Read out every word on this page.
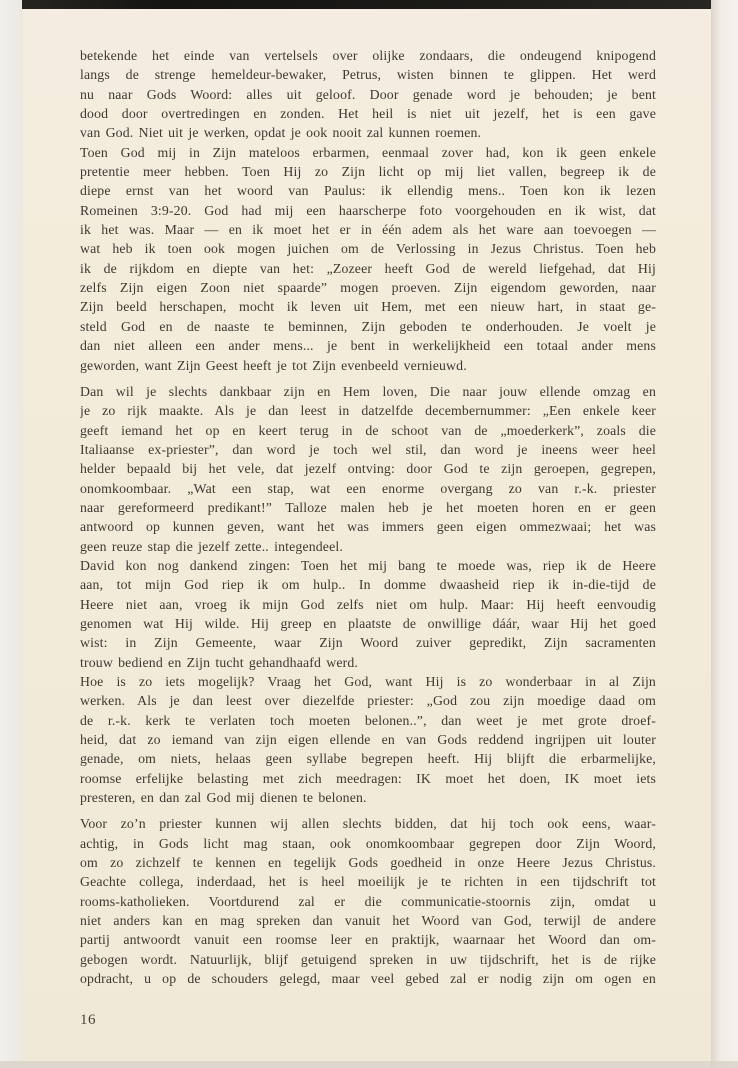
betekende het einde van vertelsels over olijke zondaars, die ondeugend knipogend
langs de strenge hemeldeur-bewaker, Petrus, wisten binnen te glippen. Het werd
nu naar Gods Woord: alles uit geloof. Door genade word je behouden; je bent
dood door overtredingen en zonden. Het heil is niet uit jezelf, het is een gave
van God. Niet uit je werken, opdat je ook nooit zal kunnen roemen.
Toen God mij in Zijn mateloos erbarmen, eenmaal zover had, kon ik geen enkele
pretentie meer hebben. Toen Hij zo Zijn licht op mij liet vallen, begreep ik de
diepe ernst van het woord van Paulus: ik ellendig mens.. Toen kon ik lezen
Romeinen 3:9-20. God had mij een haarscherpe foto voorgehouden en ik wist, dat
ik het was. Maar — en ik moet het er in één adem als het ware aan toevoegen —
wat heb ik toen ook mogen juichen om de Verlossing in Jezus Christus. Toen heb
ik de rijkdom en diepte van het: „Zozeer heeft God de wereld liefgehad, dat Hij
zelfs Zijn eigen Zoon niet spaarde” mogen proeven. Zijn eigendom geworden, naar
Zijn beeld herschapen, mocht ik leven uit Hem, met een nieuw hart, in staat ge-
steld God en de naaste te beminnen, Zijn geboden te onderhouden. Je voelt je
dan niet alleen een ander mens... je bent in werkelijkheid een totaal ander mens
geworden, want Zijn Geest heeft je tot Zijn evenbeeld vernieuwd.
Dan wil je slechts dankbaar zijn en Hem loven, Die naar jouw ellende omzag en
je zo rijk maakte. Als je dan leest in datzelfde decembernummer: „Een enkele keer
geeft iemand het op en keert terug in de schoot van de „moederkerk”, zoals die
Italiaanse ex-priester”, dan word je toch wel stil, dan word je ineens weer heel
helder bepaald bij het vele, dat jezelf ontving: door God te zijn geroepen, gegrepen,
onomkoombaar. „Wat een stap, wat een enorme overgang zo van r.-k. priester
naar gereformeerd predikant!” Talloze malen heb je het moeten horen en er geen
antwoord op kunnen geven, want het was immers geen eigen ommezwaai; het was
geen reuze stap die jezelf zette.. integendeel.
David kon nog dankend zingen: Toen het mij bang te moede was, riep ik de Heere
aan, tot mijn God riep ik om hulp.. In domme dwaasheid riep ik in-die-tijd de
Heere niet aan, vroeg ik mijn God zelfs niet om hulp. Maar: Hij heeft eenvoudig
genomen wat Hij wilde. Hij greep en plaatste de onwillige dáár, waar Hij het goed
wist: in Zijn Gemeente, waar Zijn Woord zuiver gepredikt, Zijn sacramenten
trouw bediend en Zijn tucht gehandhaafd werd.
Hoe is zo iets mogelijk? Vraag het God, want Hij is zo wonderbaar in al Zijn
werken. Als je dan leest over diezelfde priester: „God zou zijn moedige daad om
de r.-k. kerk te verlaten toch moeten belonen..”, dan weet je met grote droef-
heid, dat zo iemand van zijn eigen ellende en van Gods reddend ingrijpen uit louter
genade, om niets, helaas geen syllabe begrepen heeft. Hij blijft die erbarmelijke,
roomse erfelijke belasting met zich meedragen: IK moet het doen, IK moet iets
presteren, en dan zal God mij dienen te belonen.
Voor zo’n priester kunnen wij allen slechts bidden, dat hij toch ook eens, waar-
achtig, in Gods licht mag staan, ook onomkoombaar gegrepen door Zijn Woord,
om zo zichzelf te kennen en tegelijk Gods goedheid in onze Heere Jezus Christus.
Geachte collega, inderdaad, het is heel moeilijk je te richten in een tijdschrift tot
rooms-katholieken. Voortdurend zal er die communicatie-stoornis zijn, omdat u
niet anders kan en mag spreken dan vanuit het Woord van God, terwijl de andere
partij antwoordt vanuit een roomse leer en praktijk, waarnaar het Woord dan om-
gebogen wordt. Natuurlijk, blijf getuigend spreken in uw tijdschrift, het is de rijke
opdracht, u op de schouders gelegd, maar veel gebed zal er nodig zijn om ogen en
16
